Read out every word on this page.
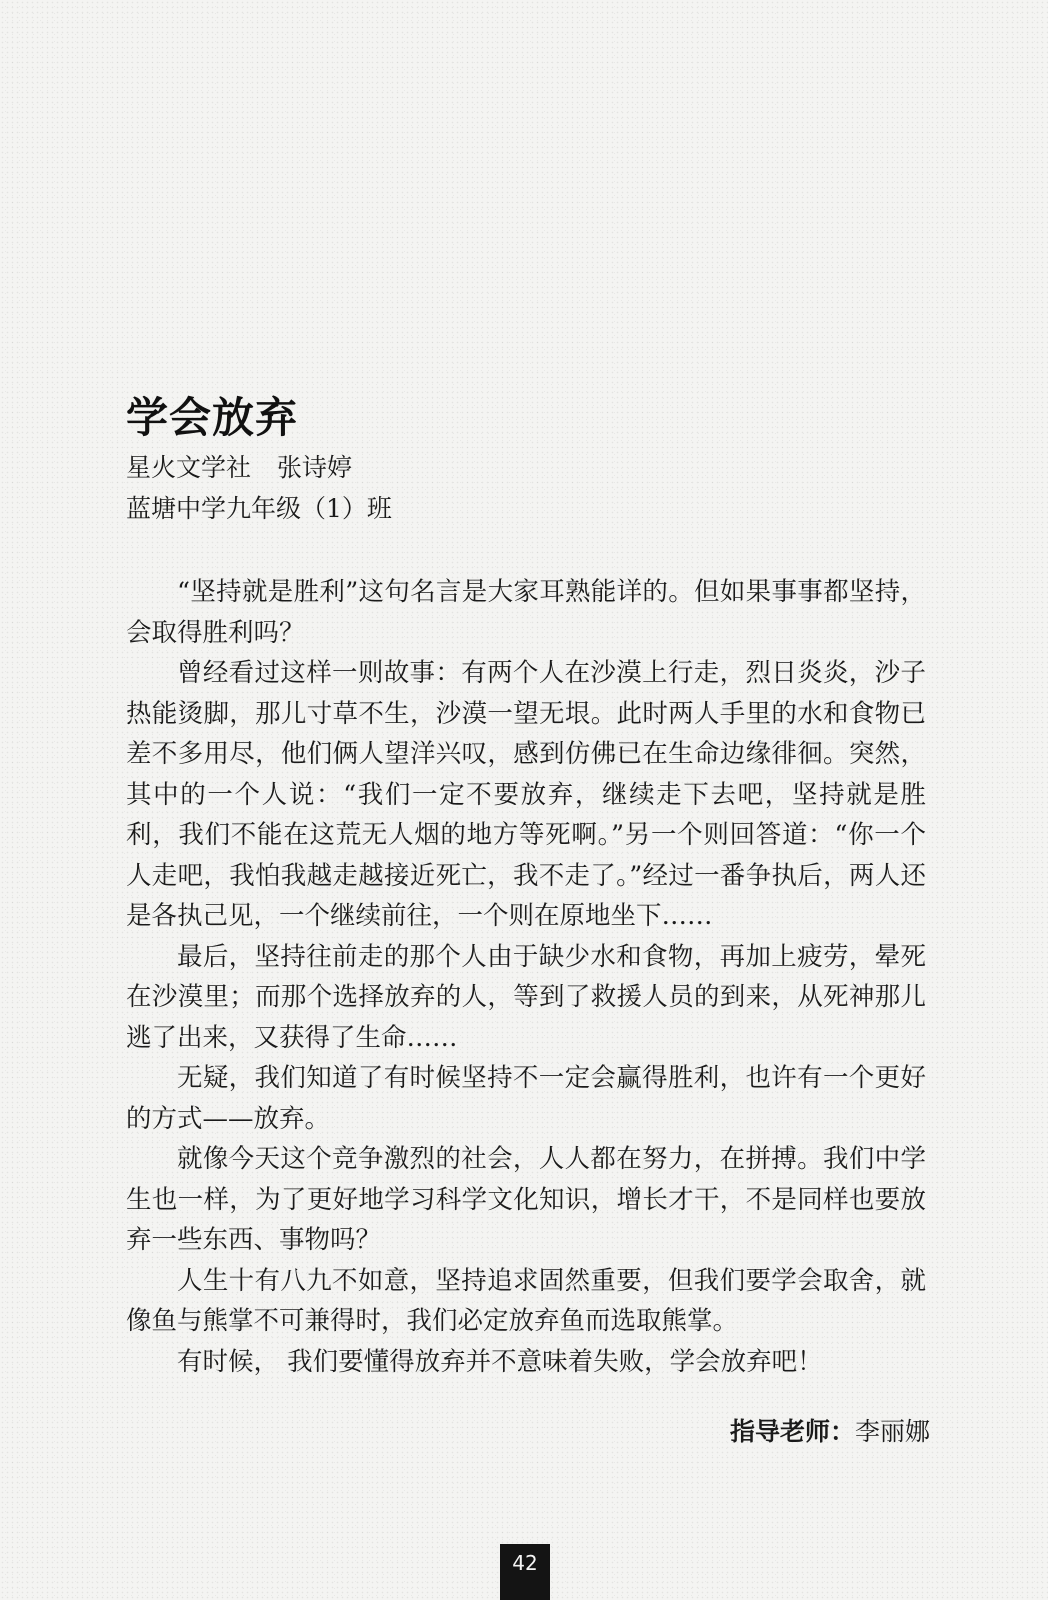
学会放弃
星火文学社 张诗婷
蓝塘中学九年级（1）班

“坚持就是胜利”这句名言是大家耳熟能详的。但如果事事都坚持，会取得胜利吗？

曾经看过这样一则故事：有两个人在沙漠上行走，烈日炎炎，沙子热能烫脚，那儿寸草不生，沙漠一望无垠。此时两人手里的水和食物已差不多用尽，他们俩人望洋兴叹，感到仿佛已在生命边缘徘徊。突然，其中的一个人说：“我们一定不要放弃，继续走下去吧，坚持就是胜利，我们不能在这荒无人烟的地方等死啊。”另一个则回答道：“你一个人走吧，我怕我越走越接近死亡，我不走了。”经过一番争执后，两人还是各执己见，一个继续前往，一个则在原地坐下……

最后，坚持往前走的那个人由于缺少水和食物，再加上疲劳，晕死在沙漠里；而那个选择放弃的人，等到了救援人员的到来，从死神那儿逃了出来，又获得了生命……

无疑，我们知道了有时候坚持不一定会赢得胜利，也许有一个更好的方式——放弃。

就像今天这个竞争激烈的社会，人人都在努力，在拼搏。我们中学生也一样，为了更好地学习科学文化知识，增长才干，不是同样也要放弃一些东西、事物吗？

人生十有八九不如意，坚持追求固然重要，但我们要学会取舍，就像鱼与熊掌不可兼得时，我们必定放弃鱼而选取熊掌。

有时候， 我们要懂得放弃并不意味着失败，学会放弃吧！

指导老师：李丽娜
42
